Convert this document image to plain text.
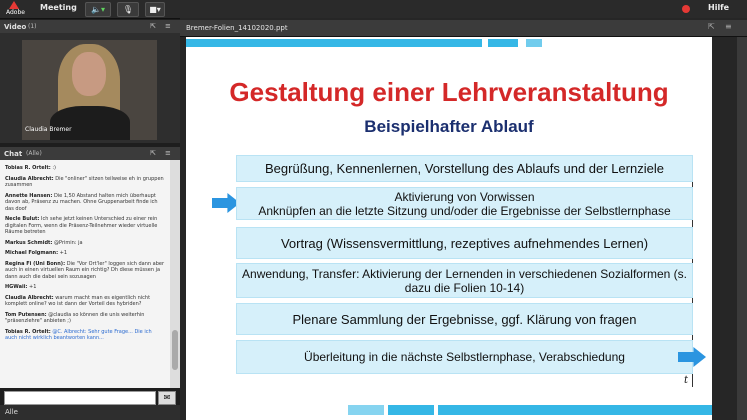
Adobe
Meeting	🔈▾	🎙	■▾	Hilfe
Video (1)	⇱ ≡
Claudia Bremer
Chat (Alle)	⇱ ≡
Tobias R. Ortelt: :)
Claudia Albrecht: Die "onliner" sitzen teilweise eh in gruppen zusammen
Annette Hansen: Die 1,50 Abstand halten mich überhaupt davon ab, Präsenz zu machen. Ohne Gruppenarbeit finde ich das doof
Necle Bulut: Ich sehe jetzt keinen Unterschied zu einer rein digitalen Form, wenn die Präsenz-Teilnehmer wieder virtuelle Räume betreten
Markus Schmidt: @Primin: ja
Michael Folgmann: +1
Regina Fi (Uni Bonn): Die "Vor Ort'ler" loggen sich dann aber auch in einen virtuellen Raum ein richtig? Dh diese müssen ja dann auch die dabei sein sozusagen
HGWaii: +1
Claudia Albrecht: warum macht man es eigentlich nicht komplett online? wo ist dann der Vorteil des hybriden?
Tom Putensen: @claudia so können die unis weiterhin "präsenzlehre" anbieten ;)
Tobias R. Ortelt: @C. Albrecht: Sehr gute Frage... Die ich auch nicht wirklich beantworten kann...
✉
Alle
Bremer-Folien_14102020.ppt	⇱ ≡
Gestaltung einer Lehrveranstaltung
Beispielhafter Ablauf
Begrüßung, Kennenlernen, Vorstellung des Ablaufs und der Lernziele
Aktivierung von Vorwissen
Anknüpfen an die letzte Sitzung und/oder die Ergebnisse der Selbstlernphase
Vortrag (Wissensvermittlung, rezeptives aufnehmendes Lernen)
Anwendung, Transfer: Aktivierung der Lernenden in verschiedenen Sozialformen (s. dazu die Folien 10-14)
Plenare Sammlung der Ergebnisse, ggf. Klärung von fragen
Überleitung in die nächste Selbstlernphase, Verabschiedung
t
